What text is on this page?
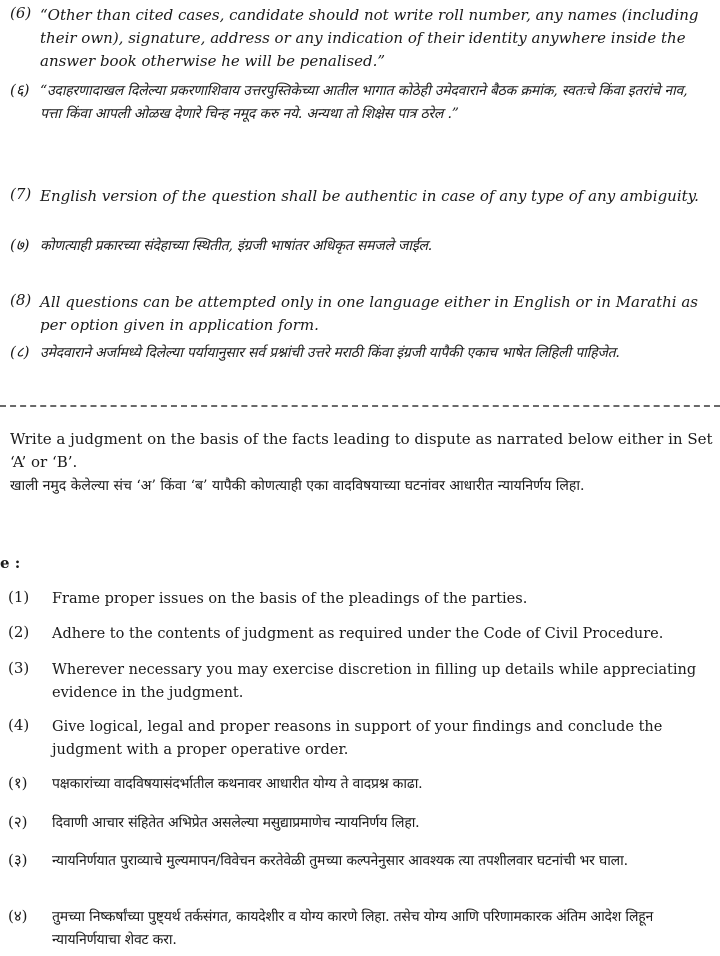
(6) “Other than cited cases, candidate should not write roll number, any names (including their own), signature, address or any indication of their identity anywhere inside the answer book otherwise he will be penalised.”
(६) “उदाहरणादाखल दिलेल्या प्रकरणाशिवाय उत्तरपुस्तिकेच्या आतील भागात कोठेही उमेदवाराने बैठक क्रमांक, स्वतःचे किंवा इतरांचे नाव, पत्ता किंवा आपली ओळख देणारे चिन्ह नमूद करु नये. अन्यथा तो शिक्षेस पात्र ठरेल .”
(7) English version of the question shall be authentic in case of any type of any ambiguity.
(७) कोणत्याही प्रकारच्या संदेहाच्या स्थितीत, इंग्रजी भाषांतर अधिकृत समजले जाईल.
(8) All questions can be attempted only in one language either in English or in Marathi as per option given in application form.
(८) उमेदवाराने अर्जामध्ये दिलेल्या पर्यायानुसार सर्व प्रश्नांची उत्तरे मराठी किंवा इंग्रजी यापैकी एकाच भाषेत लिहिली पाहिजेत.
Write a judgment on the basis of the facts leading to dispute as narrated below either in Set ‘A’ or ‘B’.
खाली नमुद केलेल्या संच ‘अ’ किंवा ‘ब’ यापैकी कोणत्याही एका वादविषयाच्या घटनांवर आधारीत न्यायनिर्णय लिहा.
e :
(1)	Frame proper issues on the basis of the pleadings of the parties.
(2)	Adhere to the contents of judgment as required under the Code of Civil Procedure.
(3)	Wherever necessary you may exercise discretion in filling up details while appreciating evidence in the judgment.
(4)	Give logical, legal and proper reasons in support of your findings and conclude the judgment with a proper operative order.
(१)	पक्षकारांच्या वादविषयासंदर्भातील कथनावर आधारीत योग्य ते वादप्रश्न काढा.
(२)	दिवाणी आचार संहितेत अभिप्रेत असलेल्या मसुद्याप्रमाणेच न्यायनिर्णय लिहा.
(३)	न्यायनिर्णयात पुराव्याचे मुल्यमापन/विवेचन करतेवेळी तुमच्या कल्पनेनुसार आवश्यक त्या तपशीलवार घटनांची भर घाला.
(४)	तुमच्या निष्कर्षांच्या पुष्ट्यर्थ तर्कसंगत, कायदेशीर व योग्य कारणे लिहा. तसेच योग्य आणि परिणामकारक अंतिम आदेश लिहून न्यायनिर्णयाचा शेवट करा.
